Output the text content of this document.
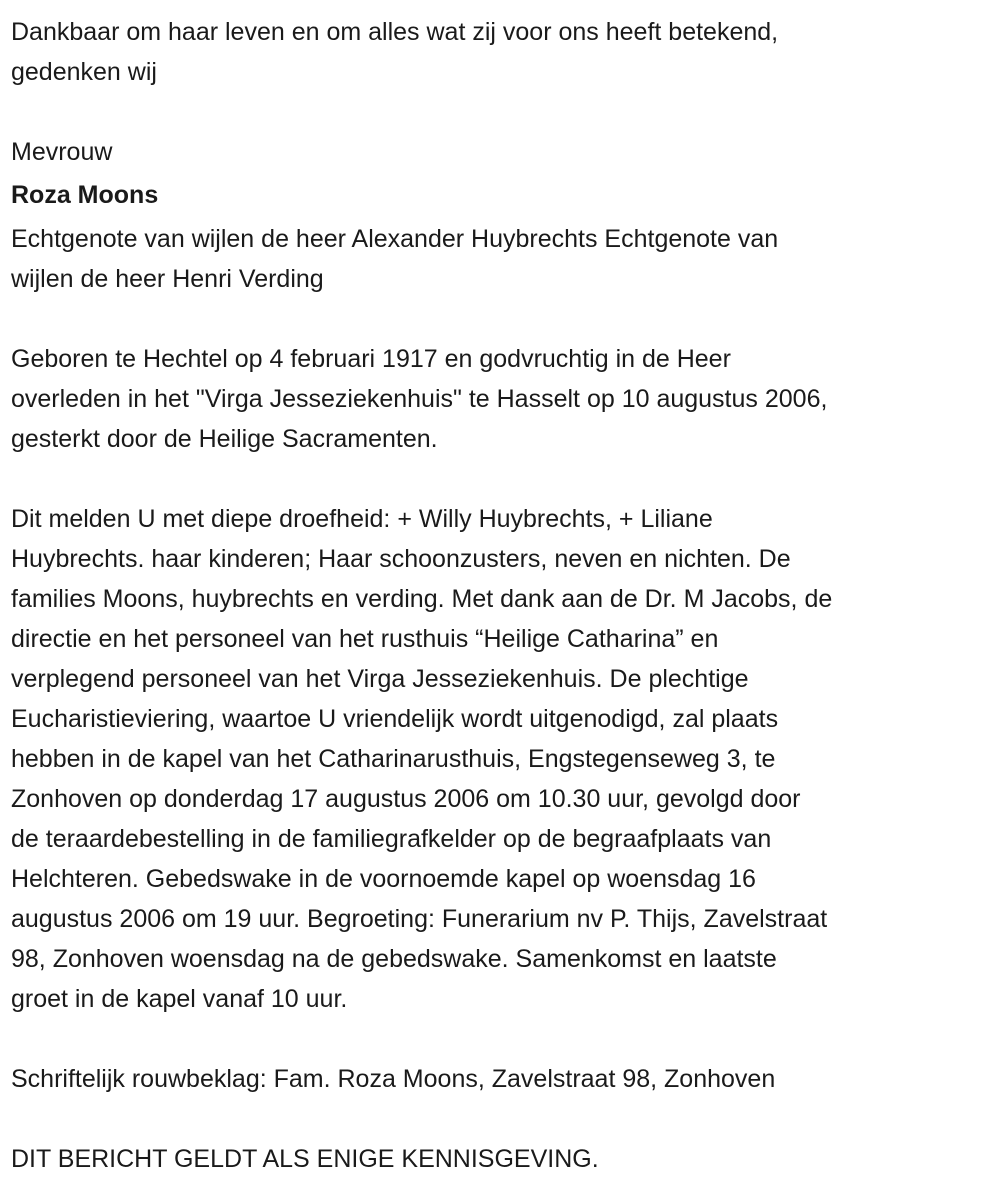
Dankbaar om haar leven en om alles wat zij voor ons heeft betekend,
gedenken wij
Mevrouw
Roza Moons
Echtgenote van wijlen de heer Alexander Huybrechts Echtgenote van
wijlen de heer Henri Verding
Geboren te Hechtel op 4 februari 1917 en godvruchtig in de Heer
overleden in het "Virga Jesseziekenhuis" te Hasselt op 10 augustus 2006,
gesterkt door de Heilige Sacramenten.
Dit melden U met diepe droefheid: + Willy Huybrechts, + Liliane
Huybrechts. haar kinderen; Haar schoonzusters, neven en nichten. De
families Moons, huybrechts en verding. Met dank aan de Dr. M Jacobs, de
directie en het personeel van het rusthuis “Heilige Catharina” en
verplegend personeel van het Virga Jesseziekenhuis. De plechtige
Eucharistieviering, waartoe U vriendelijk wordt uitgenodigd, zal plaats
hebben in de kapel van het Catharinarusthuis, Engstegenseweg 3, te
Zonhoven op donderdag 17 augustus 2006 om 10.30 uur, gevolgd door
de teraardebestelling in de familiegrafkelder op de begraafplaats van
Helchteren. Gebedswake in de voornoemde kapel op woensdag 16
augustus 2006 om 19 uur. Begroeting: Funerarium nv P. Thijs, Zavelstraat
98, Zonhoven woensdag na de gebedswake. Samenkomst en laatste
groet in de kapel vanaf 10 uur.
Schriftelijk rouwbeklag: Fam. Roza Moons, Zavelstraat 98, Zonhoven
DIT BERICHT GELDT ALS ENIGE KENNISGEVING.
